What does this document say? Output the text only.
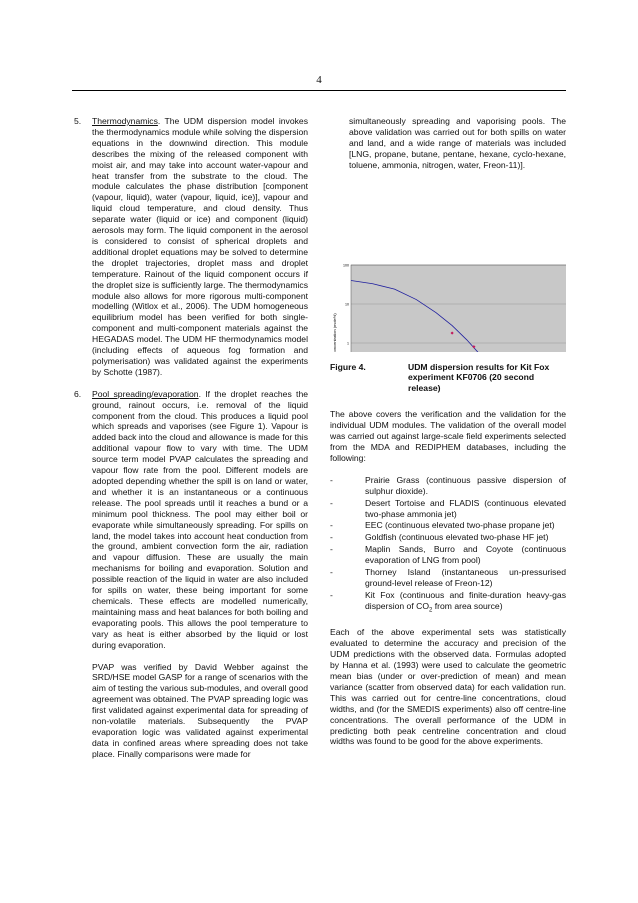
4
5.	Thermodynamics. The UDM dispersion model invokes the thermodynamics module while solving the dispersion equations in the downwind direction. This module describes the mixing of the released component with moist air, and may take into account water-vapour and heat transfer from the substrate to the cloud. The module calculates the phase distribution [component (vapour, liquid), water (vapour, liquid, ice)], vapour and liquid cloud temperature, and cloud density. Thus separate water (liquid or ice) and component (liquid) aerosols may form. The liquid component in the aerosol is considered to consist of spherical droplets and additional droplet equations may be solved to determine the droplet trajectories, droplet mass and droplet temperature. Rainout of the liquid component occurs if the droplet size is sufficiently large. The thermodynamics module also allows for more rigorous multi-component modelling (Witlox et al., 2006). The UDM homogeneous equilibrium model has been verified for both single-component and multi-component materials against the HEGADAS model. The UDM HF thermodynamics model (including effects of aqueous fog formation and polymerisation) was validated against the experiments by Schotte (1987).
6.	Pool spreading/evaporation. If the droplet reaches the ground, rainout occurs, i.e. removal of the liquid component from the cloud. This produces a liquid pool which spreads and vaporises (see Figure 1). Vapour is added back into the cloud and allowance is made for this additional vapour flow to vary with time. The UDM source term model PVAP calculates the spreading and vapour flow rate from the pool. Different models are adopted depending whether the spill is on land or water, and whether it is an instantaneous or a continuous release. The pool spreads until it reaches a bund or a minimum pool thickness. The pool may either boil or evaporate while simultaneously spreading. For spills on land, the model takes into account heat conduction from the ground, ambient convection form the air, radiation and vapour diffusion. These are usually the main mechanisms for boiling and evaporation. Solution and possible reaction of the liquid in water are also included for spills on water, these being important for some chemicals. These effects are modelled numerically, maintaining mass and heat balances for both boiling and evaporating pools. This allows the pool temperature to vary as heat is either absorbed by the liquid or lost during evaporation.

PVAP was verified by David Webber against the SRD/HSE model GASP for a range of scenarios with the aim of testing the various sub-modules, and overall good agreement was obtained. The PVAP spreading logic was first validated against experimental data for spreading of non-volatile materials. Subsequently the PVAP evaporation logic was validated against experimental data in confined areas where spreading does not take place. Finally comparisons were made for

simultaneously spreading and vaporising pools. The above validation was carried out for both spills on water and land, and a wide range of materials was included [LNG, propane, butane, pentane, hexane, cyclo-hexane, toluene, ammonia, nitrogen, water, Freon-11)].

100
10
1
Centreline concentration (mole%)
Figure 4.	UDM dispersion results for Kit Fox experiment KF0706 (20 second release)

The above covers the verification and the validation for the individual UDM modules. The validation of the overall model was carried out against large-scale field experiments selected from the MDA and REDIPHEM databases, including the following:

-	Prairie Grass (continuous passive dispersion of sulphur dioxide).
-	Desert Tortoise and FLADIS (continuous elevated two-phase ammonia jet)
-	EEC (continuous elevated two-phase propane jet)
-	Goldfish (continuous elevated two-phase HF jet)
-	Maplin Sands, Burro and Coyote (continuous evaporation of LNG from pool)
-	Thorney Island (instantaneous un-pressurised ground-level release of Freon-12)
-	Kit Fox (continuous and finite-duration heavy-gas dispersion of $CO_2$ from area source)

Each of the above experimental sets was statistically evaluated to determine the accuracy and precision of the UDM predictions with the observed data. Formulas adopted by Hanna et al. (1993) were used to calculate the geometric mean bias (under or over-prediction of mean) and mean variance (scatter from observed data) for each validation run. This was carried out for centre-line concentrations, cloud widths, and (for the SMEDIS experiments) also off centre-line concentrations. The overall performance of the UDM in predicting both peak centreline concentration and cloud widths was found to be good for the above experiments.
